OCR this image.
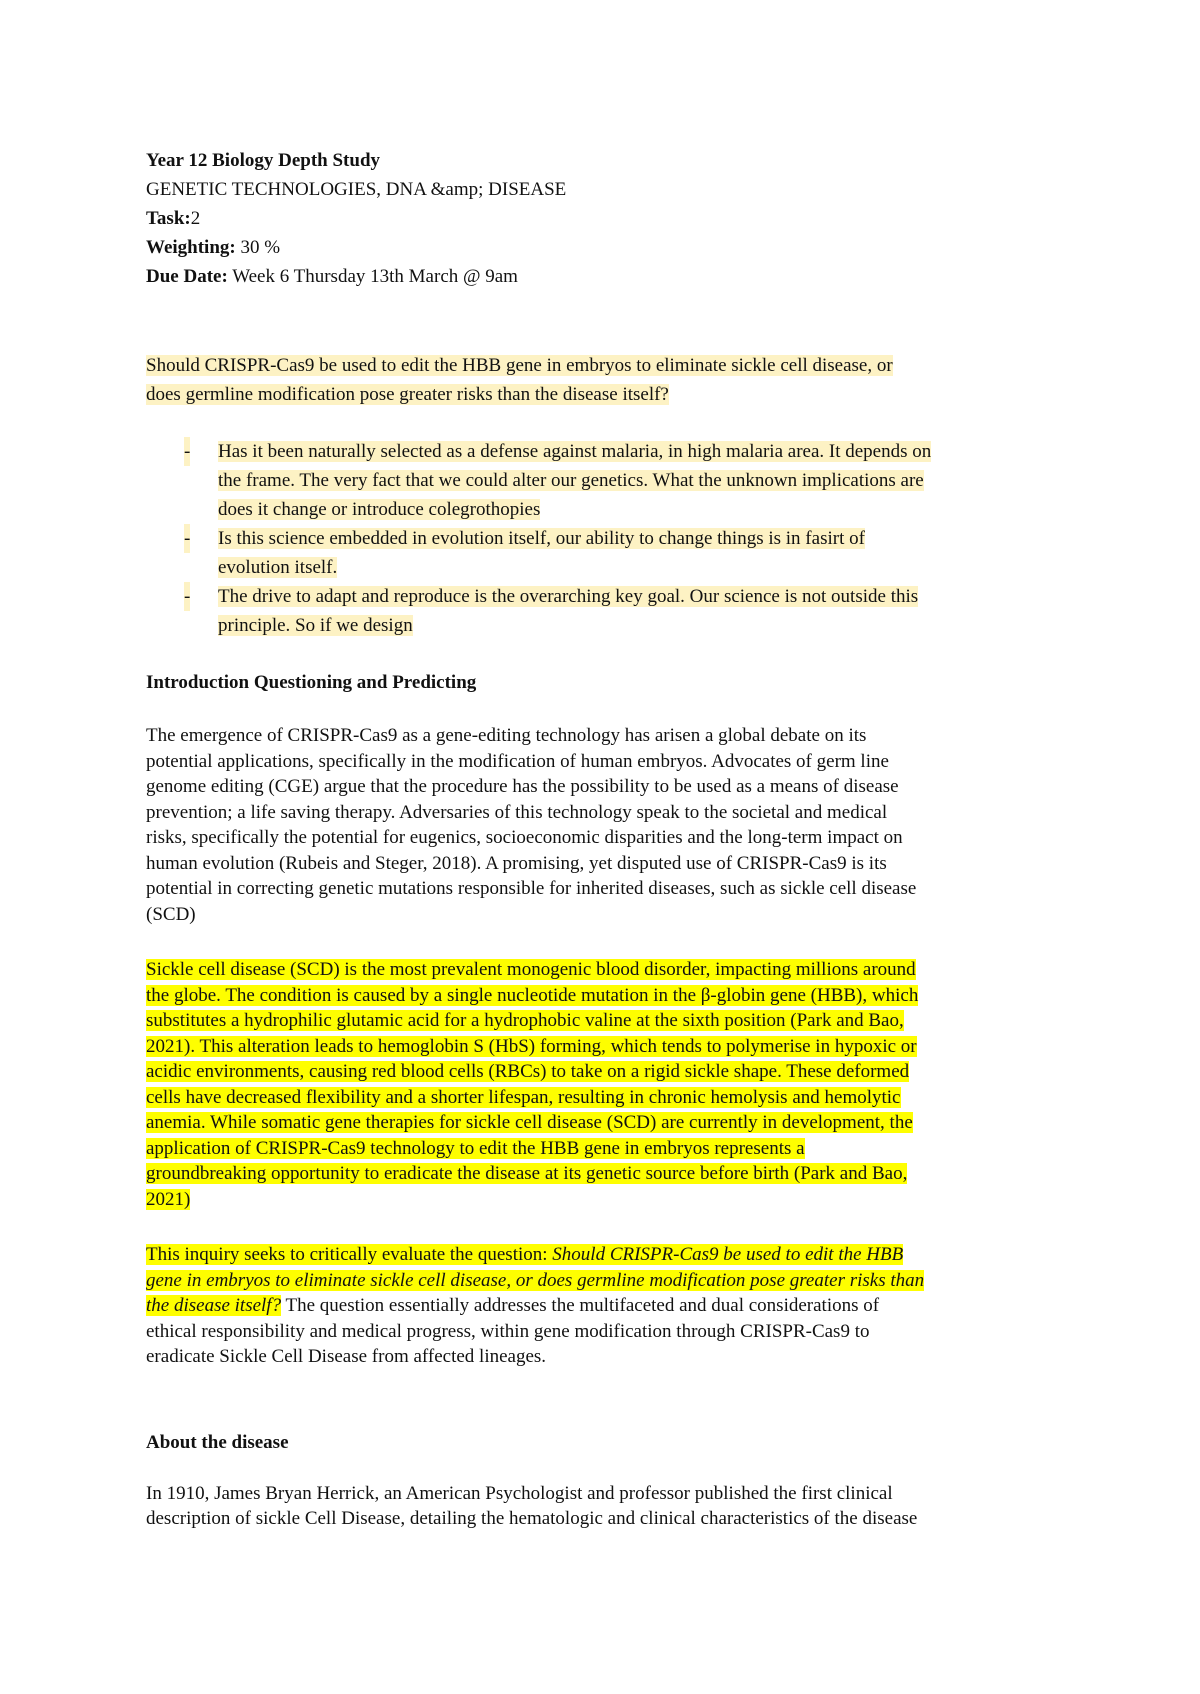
Year 12 Biology Depth Study

GENETIC TECHNOLOGIES, DNA &amp; DISEASE

Task:2

Weighting: 30 %

Due Date: Week 6 Thursday 13th March @ 9am

Should CRISPR-Cas9 be used to edit the HBB gene in embryos to eliminate sickle cell disease, or
does germline modification pose greater risks than the disease itself?

- Has it been naturally selected as a defense against malaria, in high malaria area. It depends on
the frame. The very fact that we could alter our genetics. What the unknown implications are
does it change or introduce colegrothopies
- Is this science embedded in evolution itself, our ability to change things is in fasirt of
evolution itself.
- The drive to adapt and reproduce is the overarching key goal. Our science is not outside this
principle. So if we design

Introduction Questioning and Predicting

The emergence of CRISPR-Cas9 as a gene-editing technology has arisen a global debate on its
potential applications, specifically in the modification of human embryos. Advocates of germ line
genome editing (CGE) argue that the procedure has the possibility to be used as a means of disease
prevention; a life saving therapy. Adversaries of this technology speak to the societal and medical
risks, specifically the potential for eugenics, socioeconomic disparities and the long-term impact on
human evolution (Rubeis and Steger, 2018). A promising, yet disputed use of CRISPR-Cas9 is its
potential in correcting genetic mutations responsible for inherited diseases, such as sickle cell disease
(SCD)

Sickle cell disease (SCD) is the most prevalent monogenic blood disorder, impacting millions around
the globe. The condition is caused by a single nucleotide mutation in the β-globin gene (HBB), which
substitutes a hydrophilic glutamic acid for a hydrophobic valine at the sixth position (Park and Bao,
2021). This alteration leads to hemoglobin S (HbS) forming, which tends to polymerise in hypoxic or
acidic environments, causing red blood cells (RBCs) to take on a rigid sickle shape. These deformed
cells have decreased flexibility and a shorter lifespan, resulting in chronic hemolysis and hemolytic
anemia. While somatic gene therapies for sickle cell disease (SCD) are currently in development, the
application of CRISPR-Cas9 technology to edit the HBB gene in embryos represents a
groundbreaking opportunity to eradicate the disease at its genetic source before birth (Park and Bao,
2021)

This inquiry seeks to critically evaluate the question: Should CRISPR-Cas9 be used to edit the HBB
gene in embryos to eliminate sickle cell disease, or does germline modification pose greater risks than
the disease itself? The question essentially addresses the multifaceted and dual considerations of
ethical responsibility and medical progress, within gene modification through CRISPR-Cas9 to
eradicate Sickle Cell Disease from affected lineages.

About the disease

In 1910, James Bryan Herrick, an American Psychologist and professor published the first clinical
description of sickle Cell Disease, detailing the hematologic and clinical characteristics of the disease
